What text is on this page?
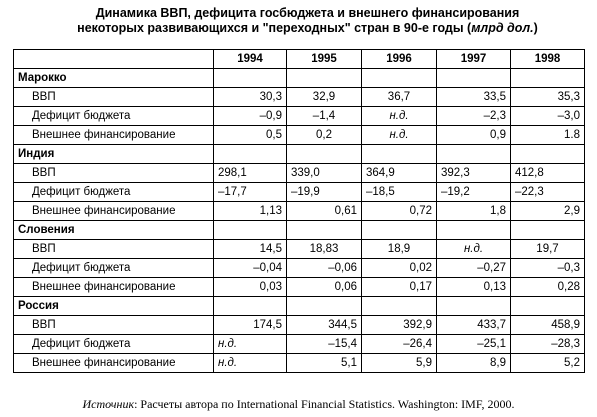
Динамика ВВП, дефицита госбюджета и внешнего финансирования
некоторых развивающихся и "переходных" стран в 90-е годы (млрд дол.)
	1994	1995	1996	1997	1998
Марокко					
ВВП	30,3	32,9	36,7	33,5	35,3
Дефицит бюджета	–0,9	–1,4	н.д.	–2,3	–3,0
Внешнее финансирование	0,5	0,2	н.д.	0,9	1.8
Индия					
ВВП	298,1	339,0	364,9	392,3	412,8
Дефицит бюджета	–17,7	–19,9	–18,5	–19,2	–22,3
Внешнее финансирование	1,13	0,61	0,72	1,8	2,9
Словения					
ВВП	14,5	18,83	18,9	н.д.	19,7
Дефицит бюджета	–0,04	–0,06	0,02	–0,27	–0,3
Внешнее финансирование	0,03	0,06	0,17	0,13	0,28
Россия					
ВВП	174,5	344,5	392,9	433,7	458,9
Дефицит бюджета	н.д.	–15,4	–26,4	–25,1	–28,3
Внешнее финансирование	н.д.	5,1	5,9	8,9	5,2
Источник: Расчеты автора по International Financial Statistics. Washington: IMF, 2000.
